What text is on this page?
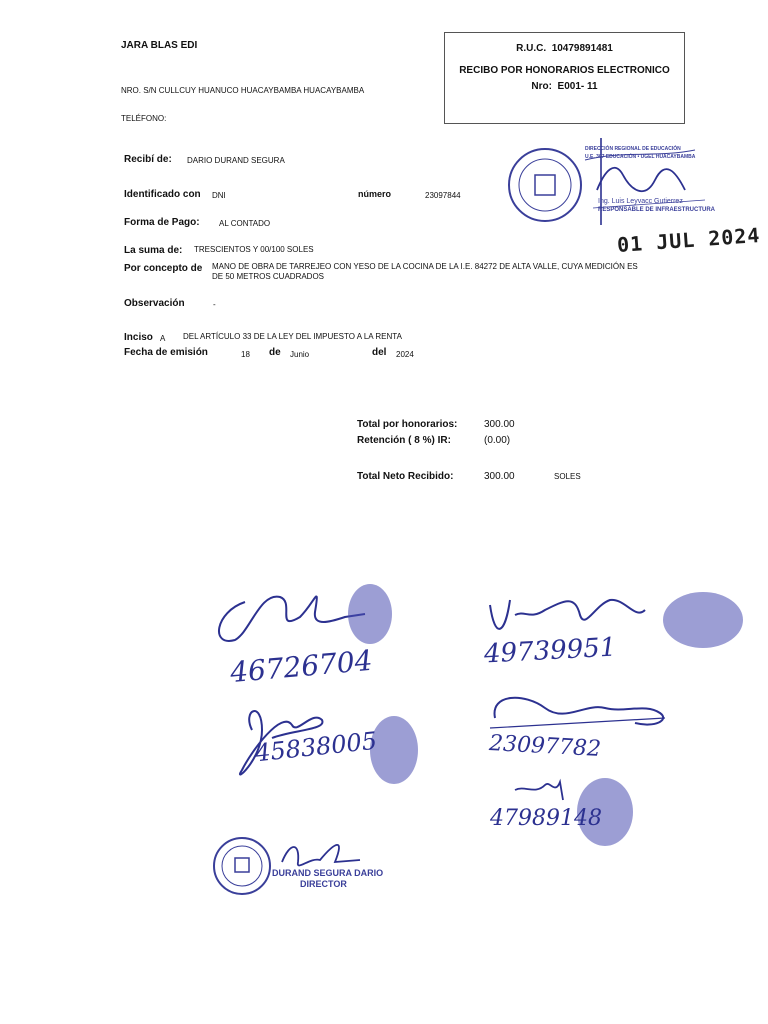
JARA BLAS EDI
NRO. S/N CULLCUY HUANUCO HUACAYBAMBA HUACAYBAMBA
TELÉFONO:
R.U.C. 10479891481
RECIBO POR HONORARIOS ELECTRONICO
Nro: E001- 11
Recibí de: DARIO DURAND SEGURA
Identificado con DNI	número	23097844
Forma de Pago: AL CONTADO
La suma de: TRESCIENTOS Y 00/100 SOLES
Por concepto de MANO DE OBRA DE TARREJEO CON YESO DE LA COCINA DE LA I.E. 84272 DE ALTA VALLE, CUYA MEDICIÓN ES
DE 50 METROS CUADRADOS
Observación	-
Inciso A DEL ARTÍCULO 33 DE LA LEY DEL IMPUESTO A LA RENTA
Fecha de emisión	18 de Junio	del 2024
Total por honorarios:	300.00
Retención ( 8 %) IR:	(0.00)
Total Neto Recibido:	300.00	SOLES
DIRECCIÓN REGIONAL DE EDUCACIÓN
U.E. 307 EDUCACIÓN • UGEL HUACAYBAMBA
Ing. Luis Leyvacc Gutierrez
RESPONSABLE DE INFRAESTRUCTURA
01 JUL 2024
46726704
45838005
49739951
23097782
47989148
DURAND SEGURA DARIO
DIRECTOR
